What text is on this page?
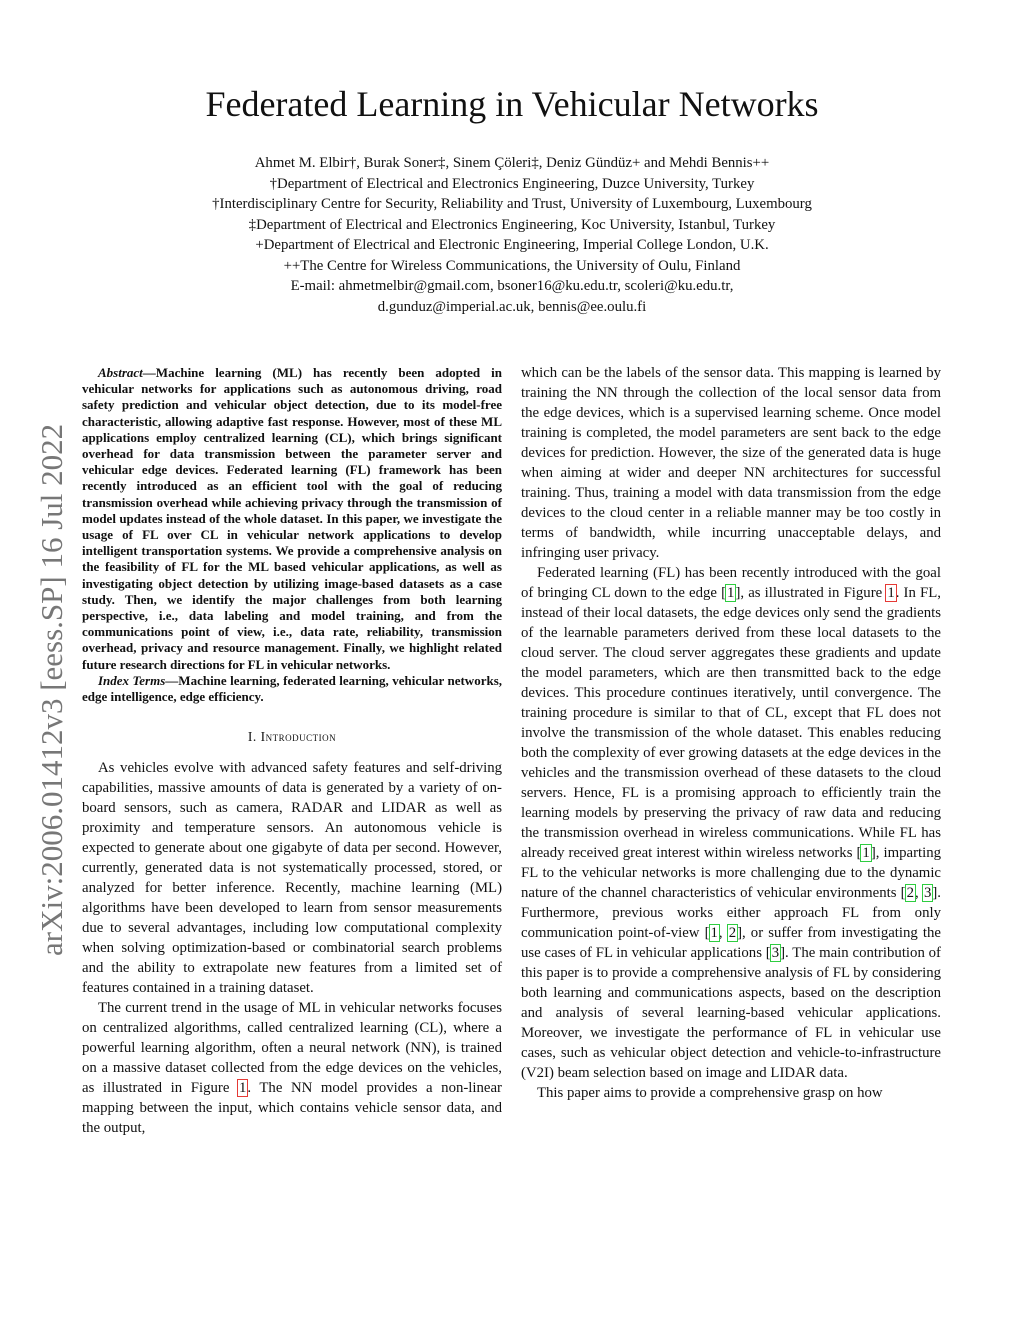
Federated Learning in Vehicular Networks
Ahmet M. Elbir†, Burak Soner‡, Sinem Çöleri‡, Deniz Gündüz+ and Mehdi Bennis++
†Department of Electrical and Electronics Engineering, Duzce University, Turkey
†Interdisciplinary Centre for Security, Reliability and Trust, University of Luxembourg, Luxembourg
‡Department of Electrical and Electronics Engineering, Koc University, Istanbul, Turkey
+Department of Electrical and Electronic Engineering, Imperial College London, U.K.
++The Centre for Wireless Communications, the University of Oulu, Finland
E-mail: ahmetmelbir@gmail.com, bsoner16@ku.edu.tr, scoleri@ku.edu.tr,
d.gunduz@imperial.ac.uk, bennis@ee.oulu.fi
arXiv:2006.01412v3 [eess.SP] 16 Jul 2022

Abstract—Machine learning (ML) has recently been adopted in vehicular networks for applications such as autonomous driving, road safety prediction and vehicular object detection, due to its model-free characteristic, allowing adaptive fast response. However, most of these ML applications employ centralized learning (CL), which brings significant overhead for data transmission between the parameter server and vehicular edge devices. Federated learning (FL) framework has been recently introduced as an efficient tool with the goal of reducing transmission overhead while achieving privacy through the transmission of model updates instead of the whole dataset. In this paper, we investigate the usage of FL over CL in vehicular network applications to develop intelligent transportation systems. We provide a comprehensive analysis on the feasibility of FL for the ML based vehicular applications, as well as investigating object detection by utilizing image-based datasets as a case study. Then, we identify the major challenges from both learning perspective, i.e., data labeling and model training, and from the communications point of view, i.e., data rate, reliability, transmission overhead, privacy and resource management. Finally, we highlight related future research directions for FL in vehicular networks.

Index Terms—Machine learning, federated learning, vehicular networks, edge intelligence, edge efficiency.

I. Introduction

As vehicles evolve with advanced safety features and self-driving capabilities, massive amounts of data is generated by a variety of on-board sensors, such as camera, RADAR and LIDAR as well as proximity and temperature sensors. An autonomous vehicle is expected to generate about one gigabyte of data per second. However, currently, generated data is not systematically processed, stored, or analyzed for better inference. Recently, machine learning (ML) algorithms have been developed to learn from sensor measurements due to several advantages, including low computational complexity when solving optimization-based or combinatorial search problems and the ability to extrapolate new features from a limited set of features contained in a training dataset.

The current trend in the usage of ML in vehicular networks focuses on centralized algorithms, called centralized learning (CL), where a powerful learning algorithm, often a neural network (NN), is trained on a massive dataset collected from the edge devices on the vehicles, as illustrated in Figure 1. The NN model provides a non-linear mapping between the input, which contains vehicle sensor data, and the output,

which can be the labels of the sensor data. This mapping is learned by training the NN through the collection of the local sensor data from the edge devices, which is a supervised learning scheme. Once model training is completed, the model parameters are sent back to the edge devices for prediction. However, the size of the generated data is huge when aiming at wider and deeper NN architectures for successful training. Thus, training a model with data transmission from the edge devices to the cloud center in a reliable manner may be too costly in terms of bandwidth, while incurring unacceptable delays, and infringing user privacy.

Federated learning (FL) has been recently introduced with the goal of bringing CL down to the edge [1], as illustrated in Figure 1. In FL, instead of their local datasets, the edge devices only send the gradients of the learnable parameters derived from these local datasets to the cloud server. The cloud server aggregates these gradients and update the model parameters, which are then transmitted back to the edge devices. This procedure continues iteratively, until convergence. The training procedure is similar to that of CL, except that FL does not involve the transmission of the whole dataset. This enables reducing both the complexity of ever growing datasets at the edge devices in the vehicles and the transmission overhead of these datasets to the cloud servers. Hence, FL is a promising approach to efficiently train the learning models by preserving the privacy of raw data and reducing the transmission overhead in wireless communications. While FL has already received great interest within wireless networks [1], imparting FL to the vehicular networks is more challenging due to the dynamic nature of the channel characteristics of vehicular environments [2, 3]. Furthermore, previous works either approach FL from only communication point-of-view [1, 2], or suffer from investigating the use cases of FL in vehicular applications [3]. The main contribution of this paper is to provide a comprehensive analysis of FL by considering both learning and communications aspects, based on the description and analysis of several learning-based vehicular applications. Moreover, we investigate the performance of FL in vehicular use cases, such as vehicular object detection and vehicle-to-infrastructure (V2I) beam selection based on image and LIDAR data.

This paper aims to provide a comprehensive grasp on how
